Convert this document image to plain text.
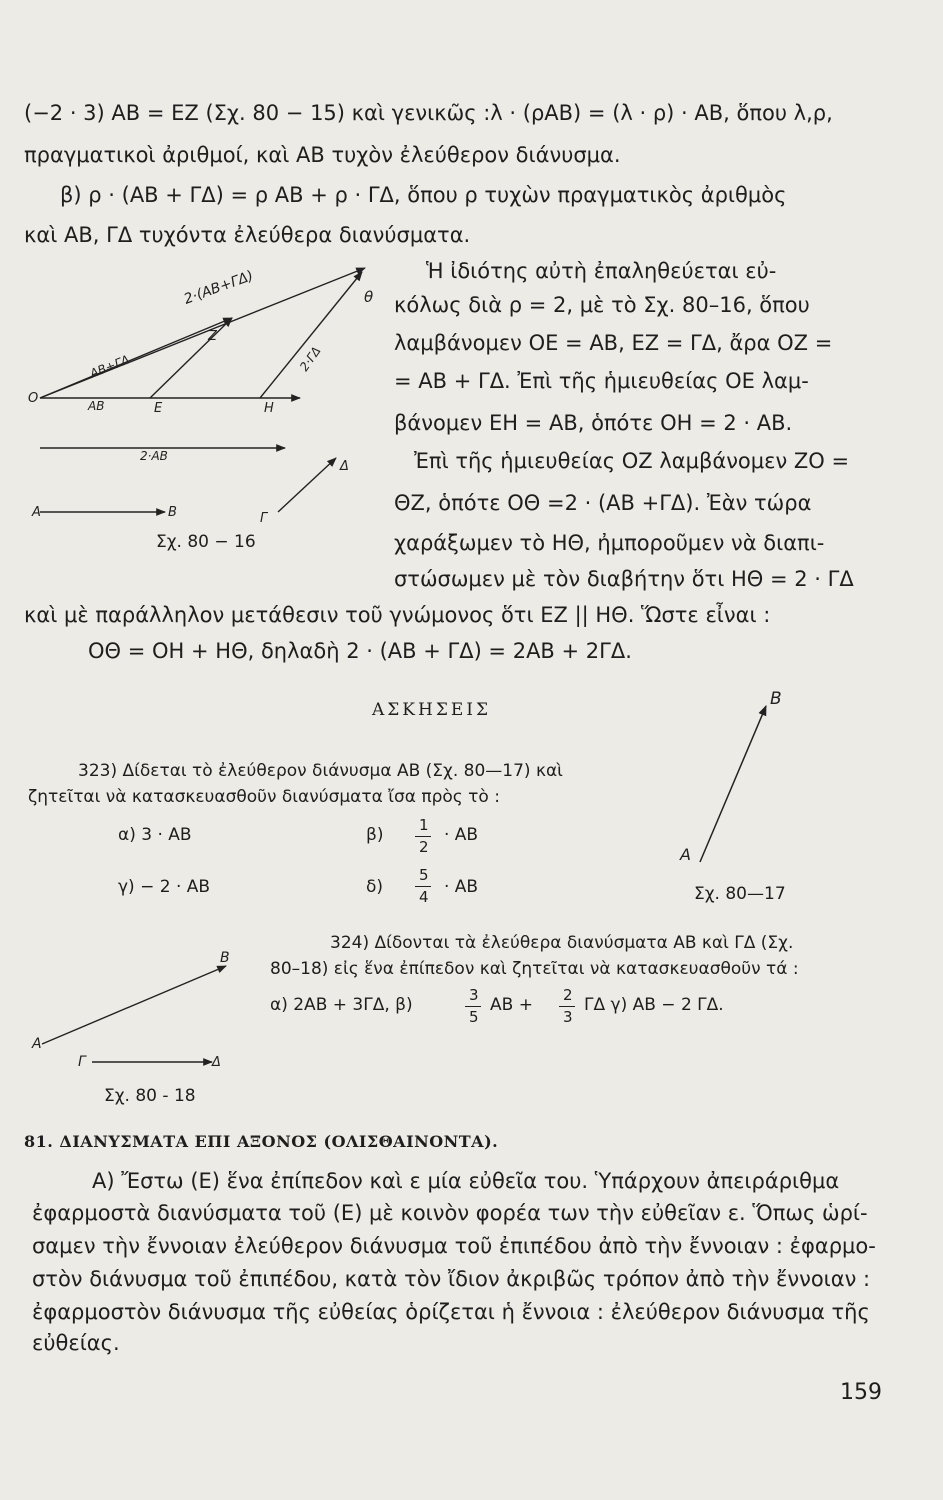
(−2 · 3) AB = EZ (Σχ. 80 − 15) καὶ γενικῶς :λ · (ρAB) = (λ · ρ) · AB, ὅπου λ,ρ,
πραγματικοὶ ἀριθμοί, καὶ AB τυχὸν ἐλεύθερον διάνυσμα.
β) ρ · (AB + ΓΔ) = ρ AB + ρ · ΓΔ, ὅπου ρ τυχὼν πραγματικὸς ἀριθμὸς
καὶ AB, ΓΔ τυχόντα ἐλεύθερα διανύσματα.
Ἡ ἰδιότης αὐτὴ ἐπαληθεύεται εὐ-
κόλως διὰ ρ = 2, μὲ τὸ Σχ. 80–16, ὅπου
λαμβάνομεν OE = AB, EZ = ΓΔ, ἄρα OZ =
= AB + ΓΔ. Ἐπὶ τῆς ἡμιευθείας OE λαμ-
βάνομεν EH = AB, ὁπότε OH = 2 · AB.
Ἐπὶ τῆς ἡμιευθείας OZ λαμβάνομεν ZO =
ΘZ, ὁπότε OΘ =2 · (AB +ΓΔ). Ἐὰν τώρα
χαράξωμεν τὸ HΘ, ἠμποροῦμεν νὰ διαπι-
στώσωμεν μὲ τὸν διαβήτην ὅτι HΘ = 2 · ΓΔ
καὶ μὲ παράλληλον μετάθεσιν τοῦ γνώμονος ὅτι EZ || HΘ. Ὥστε εἶναι :
OΘ = OH + HΘ, δηλαδὴ 2 · (AB + ΓΔ) = 2AB + 2ΓΔ.
2·(AB+ΓΔ)	θ
Z
2·ΓΔ
AB+ΓΔ
O	AB	E	H
2·AB
Δ
A	B	Γ
Σχ. 80 − 16
ΑΣΚΗΣΕΙΣ
323) Δίδεται τὸ ἐλεύθερον διάνυσμα AB (Σχ. 80—17) καὶ
ζητεῖται νὰ κατασκευασθοῦν διανύσματα ἴσα πρὸς τὸ :
α) 3 · AB	β) 1
2
· AB
γ) − 2 · AB	δ)
5
4 · AB
A
B
Σχ. 80—17
324) Δίδονται τὰ ἐλεύθερα διανύσματα AB καὶ ΓΔ (Σχ.
80–18) εἰς ἕνα ἐπίπεδον καὶ ζητεῖται νὰ κατασκευασθοῦν τά :
α) 2AB + 3ΓΔ, β)	3
5
AB + 2
3
ΓΔ γ) AB − 2 ΓΔ.
A
B
Γ	Δ
Σχ. 80 - 18
81. ΔΙΑΝΥΣΜΑΤΑ ΕΠΙ ΑΞΟΝΟΣ (ΟΛΙΣΘΑΙΝΟΝΤΑ).
A) Ἔστω (E) ἕνα ἐπίπεδον καὶ ε μία εὐθεῖα του. Ὑπάρχουν ἀπειράριθμα
ἐφαρμοστὰ διανύσματα τοῦ (E) μὲ κοινὸν φορέα των τὴν εὐθεῖαν ε. Ὅπως ὡρί-
σαμεν τὴν ἔννοιαν ἐλεύθερον διάνυσμα τοῦ ἐπιπέδου ἀπὸ τὴν ἔννοιαν : ἐφαρμο-
στὸν διάνυσμα τοῦ ἐπιπέδου, κατὰ τὸν ἴδιον ἀκριβῶς τρόπον ἀπὸ τὴν ἔννοιαν :
ἐφαρμοστὸν διάνυσμα τῆς εὐθείας ὁρίζεται ἡ ἔννοια : ἐλεύθερον διάνυσμα τῆς
εὐθείας.
159
